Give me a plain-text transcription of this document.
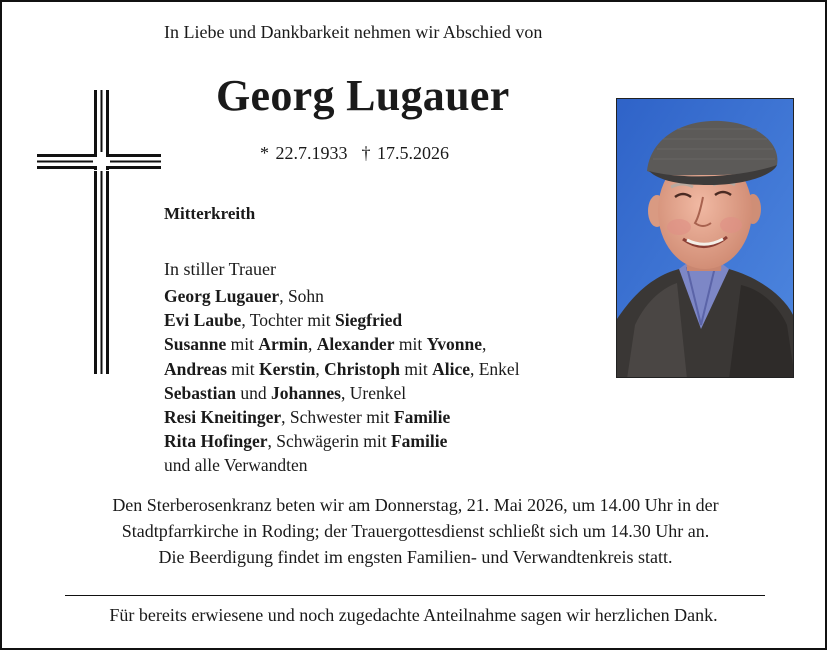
In Liebe und Dankbarkeit nehmen wir Abschied von
Georg Lugauer
* 22.7.1933 † 17.5.2026
Mitterkreith
In stiller Trauer
Georg Lugauer, Sohn
Evi Laube, Tochter mit Siegfried
Susanne mit Armin, Alexander mit Yvonne,
Andreas mit Kerstin, Christoph mit Alice, Enkel
Sebastian und Johannes, Urenkel
Resi Kneitinger, Schwester mit Familie
Rita Hofinger, Schwägerin mit Familie
und alle Verwandten
Den Sterberosenkranz beten wir am Donnerstag, 21. Mai 2026, um 14.00 Uhr in der
Stadtpfarrkirche in Roding; der Trauergottesdienst schließt sich um 14.30 Uhr an.
Die Beerdigung findet im engsten Familien- und Verwandtenkreis statt.
Für bereits erwiesene und noch zugedachte Anteilnahme sagen wir herzlichen Dank.
